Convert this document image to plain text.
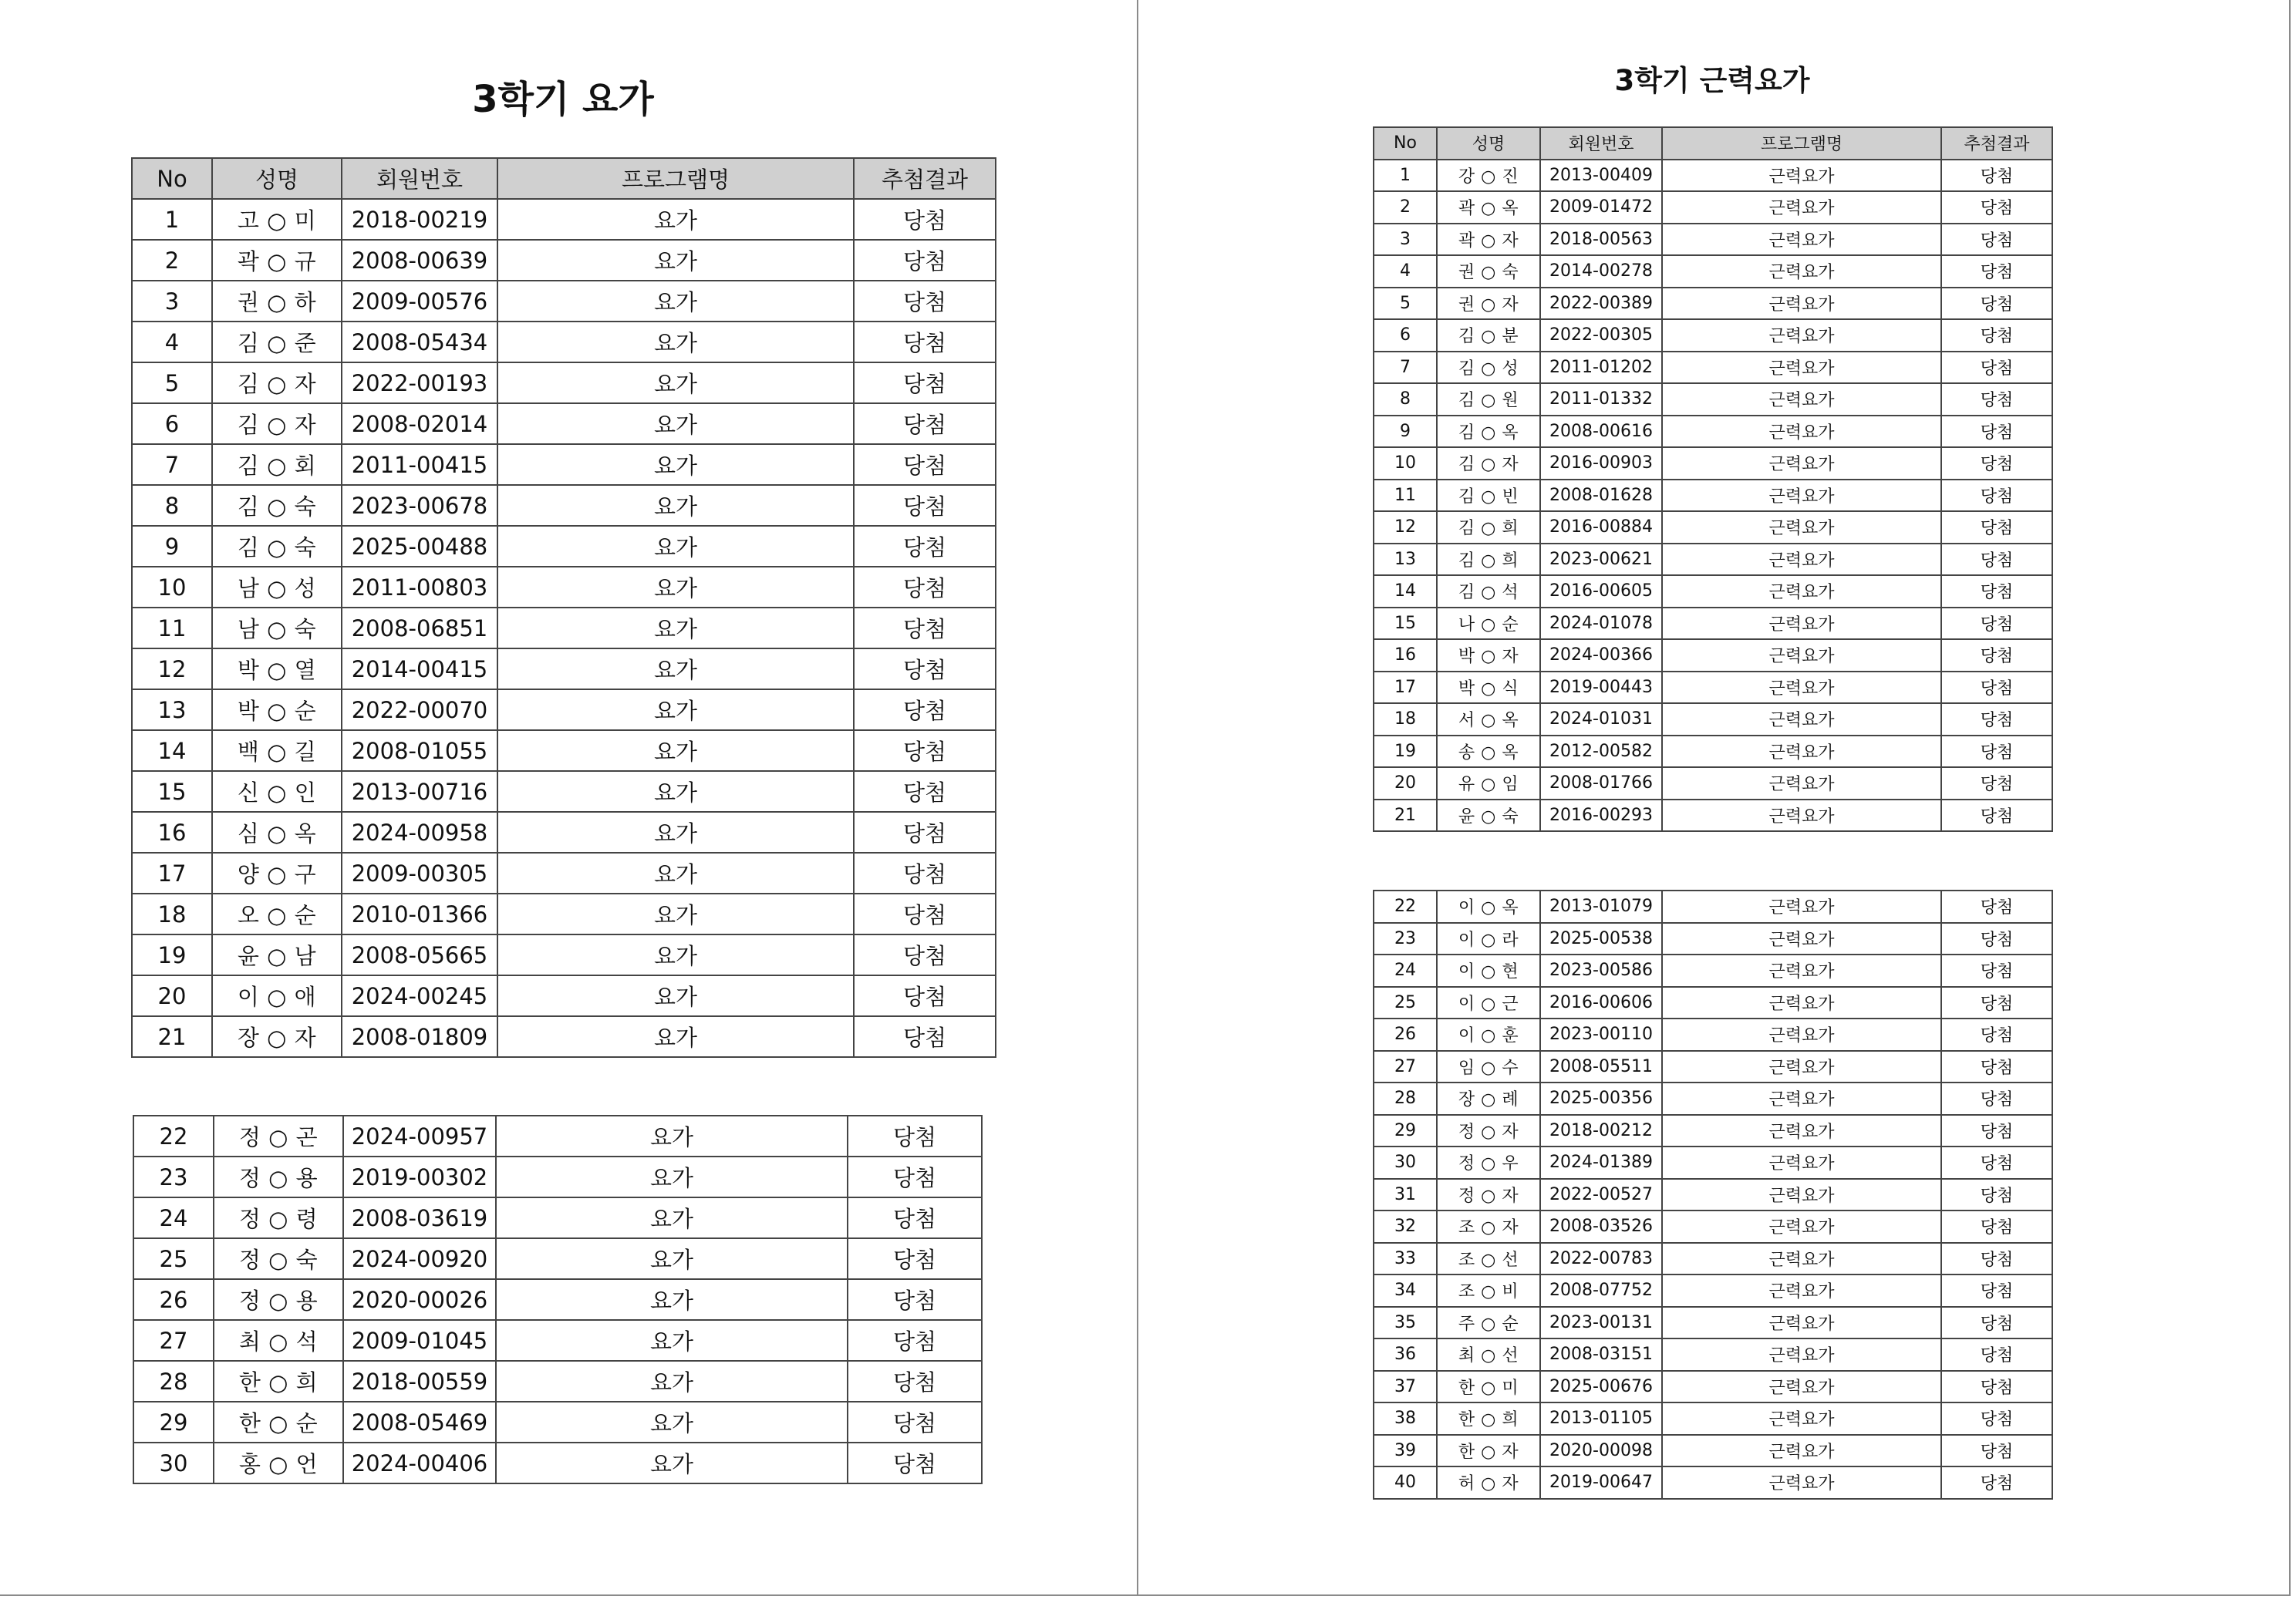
3학기 요가	3학기 근력요가
No	성명	회원번호	프로그램명	추첨결과
1	고 ○ 미	2018-00219	요가	당첨
2	곽 ○ 규	2008-00639	요가	당첨
3	권 ○ 하	2009-00576	요가	당첨
4	김 ○ 준	2008-05434	요가	당첨
5	김 ○ 자	2022-00193	요가	당첨
6	김 ○ 자	2008-02014	요가	당첨
7	김 ○ 회	2011-00415	요가	당첨
8	김 ○ 숙	2023-00678	요가	당첨
9	김 ○ 숙	2025-00488	요가	당첨
10	남 ○ 성	2011-00803	요가	당첨
11	남 ○ 숙	2008-06851	요가	당첨
12	박 ○ 열	2014-00415	요가	당첨
13	박 ○ 순	2022-00070	요가	당첨
14	백 ○ 길	2008-01055	요가	당첨
15	신 ○ 인	2013-00716	요가	당첨
16	심 ○ 옥	2024-00958	요가	당첨
17	양 ○ 구	2009-00305	요가	당첨
18	오 ○ 순	2010-01366	요가	당첨
19	윤 ○ 남	2008-05665	요가	당첨
20	이 ○ 애	2024-00245	요가	당첨
21	장 ○ 자	2008-01809	요가	당첨
22	정 ○ 곤	2024-00957	요가	당첨
23	정 ○ 용	2019-00302	요가	당첨
24	정 ○ 령	2008-03619	요가	당첨
25	정 ○ 숙	2024-00920	요가	당첨
26	정 ○ 용	2020-00026	요가	당첨
27	최 ○ 석	2009-01045	요가	당첨
28	한 ○ 희	2018-00559	요가	당첨
29	한 ○ 순	2008-05469	요가	당첨
30	홍 ○ 언	2024-00406	요가	당첨
No	성명	회원번호	프로그램명	추첨결과
1	강 ○ 진	2013-00409	근력요가	당첨
2	곽 ○ 옥	2009-01472	근력요가	당첨
3	곽 ○ 자	2018-00563	근력요가	당첨
4	권 ○ 숙	2014-00278	근력요가	당첨
5	권 ○ 자	2022-00389	근력요가	당첨
6	김 ○ 분	2022-00305	근력요가	당첨
7	김 ○ 성	2011-01202	근력요가	당첨
8	김 ○ 원	2011-01332	근력요가	당첨
9	김 ○ 옥	2008-00616	근력요가	당첨
10	김 ○ 자	2016-00903	근력요가	당첨
11	김 ○ 빈	2008-01628	근력요가	당첨
12	김 ○ 희	2016-00884	근력요가	당첨
13	김 ○ 희	2023-00621	근력요가	당첨
14	김 ○ 석	2016-00605	근력요가	당첨
15	나 ○ 순	2024-01078	근력요가	당첨
16	박 ○ 자	2024-00366	근력요가	당첨
17	박 ○ 식	2019-00443	근력요가	당첨
18	서 ○ 옥	2024-01031	근력요가	당첨
19	송 ○ 옥	2012-00582	근력요가	당첨
20	유 ○ 임	2008-01766	근력요가	당첨
21	윤 ○ 숙	2016-00293	근력요가	당첨
22	이 ○ 옥	2013-01079	근력요가	당첨
23	이 ○ 라	2025-00538	근력요가	당첨
24	이 ○ 현	2023-00586	근력요가	당첨
25	이 ○ 근	2016-00606	근력요가	당첨
26	이 ○ 훈	2023-00110	근력요가	당첨
27	임 ○ 수	2008-05511	근력요가	당첨
28	장 ○ 례	2025-00356	근력요가	당첨
29	정 ○ 자	2018-00212	근력요가	당첨
30	정 ○ 우	2024-01389	근력요가	당첨
31	정 ○ 자	2022-00527	근력요가	당첨
32	조 ○ 자	2008-03526	근력요가	당첨
33	조 ○ 선	2022-00783	근력요가	당첨
34	조 ○ 비	2008-07752	근력요가	당첨
35	주 ○ 순	2023-00131	근력요가	당첨
36	최 ○ 선	2008-03151	근력요가	당첨
37	한 ○ 미	2025-00676	근력요가	당첨
38	한 ○ 희	2013-01105	근력요가	당첨
39	한 ○ 자	2020-00098	근력요가	당첨
40	허 ○ 자	2019-00647	근력요가	당첨
